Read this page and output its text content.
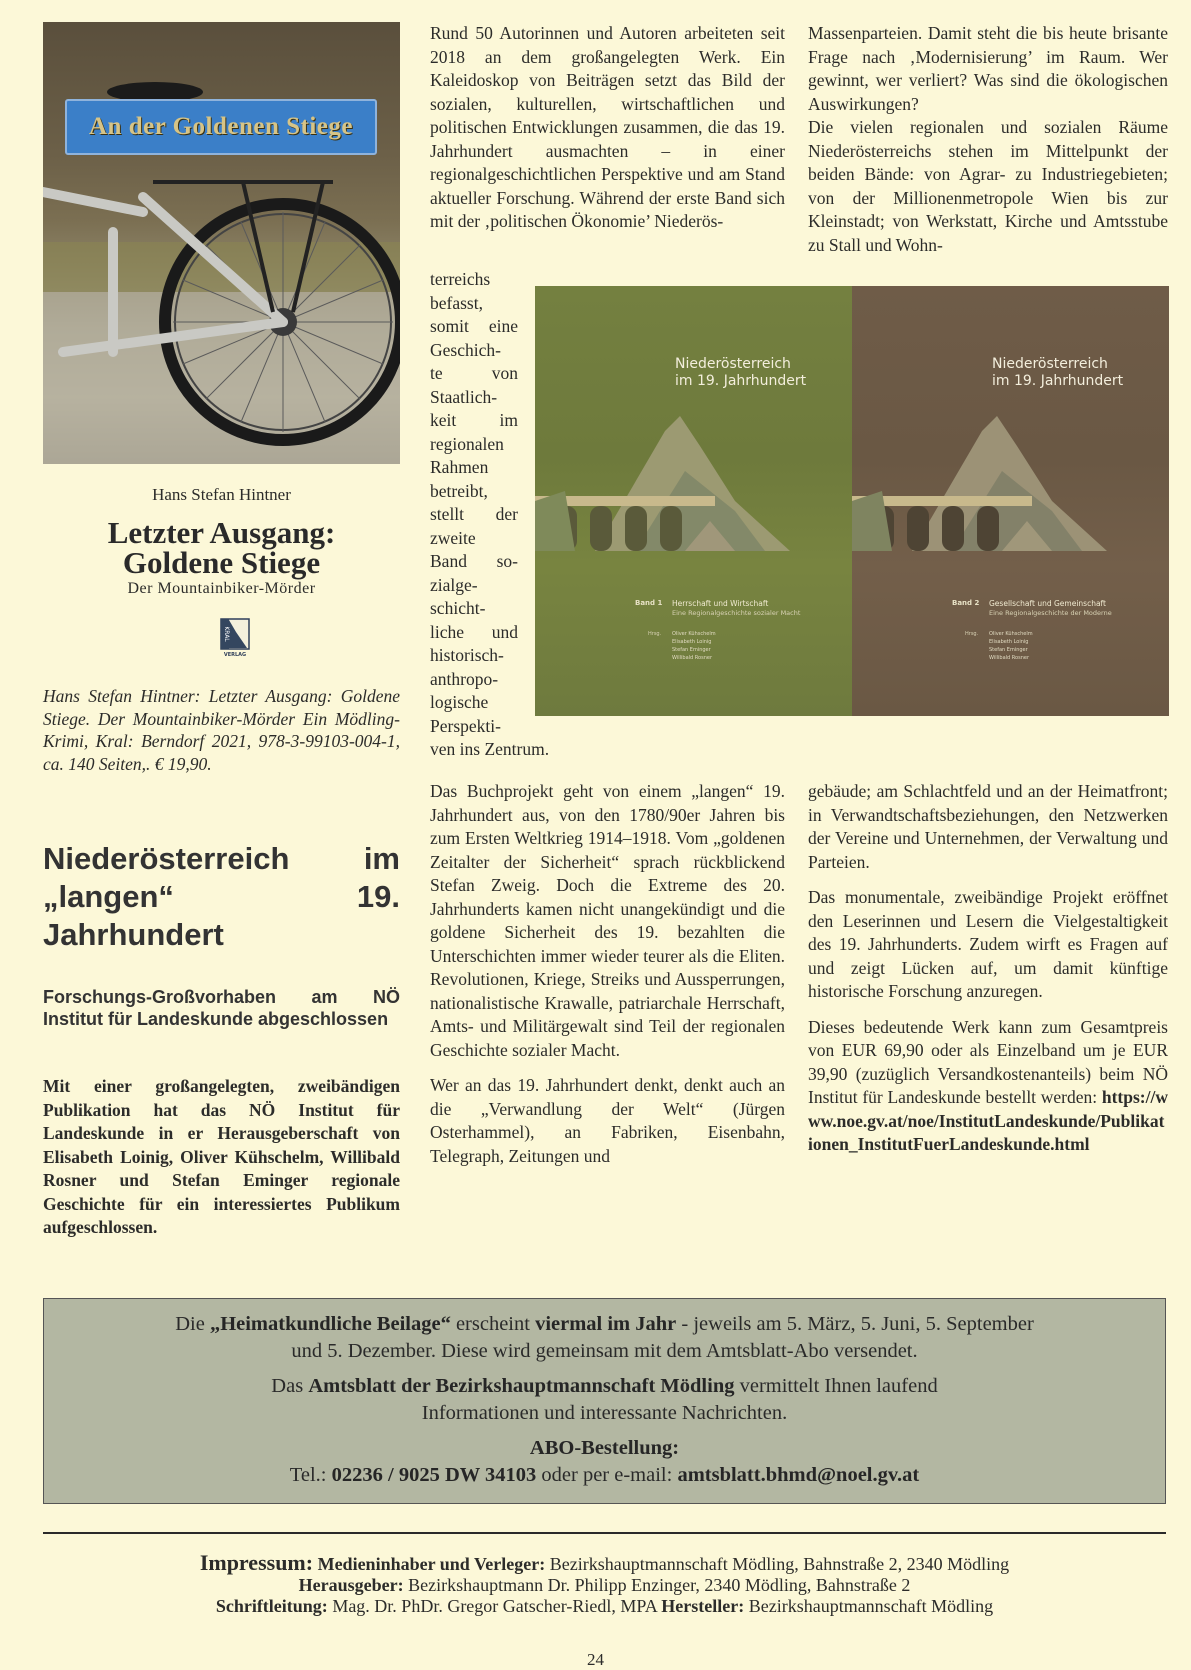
An der Goldenen Stiege
Hans Stefan Hintner
Letzter Ausgang:
Goldene Stiege
Der Mountainbiker-Mörder
KRAL
VERLAG
Hans Stefan Hintner: Letzter Ausgang: Goldene Stiege. Der Mountainbiker-Mörder Ein Mödling-Krimi, Kral: Berndorf 2021, 978-3-99103-004-1, ca. 140 Seiten,. € 19,90.
Niederösterreich im „langen“ 19. Jahrhundert
Forschungs-Großvorhaben am NÖ Institut für Landeskunde abgeschlossen
Mit einer großangelegten, zweibändigen Publikation hat das NÖ Institut für Landeskunde in er Herausgeberschaft von Elisabeth Loinig, Oliver Kühschelm, Willibald Rosner und Stefan Eminger regionale Geschichte für ein interessiertes Publikum aufgeschlossen.
Rund 50 Autorinnen und Autoren arbeiteten seit 2018 an dem großangelegten Werk. Ein Kaleidoskop von Beiträgen setzt das Bild der sozialen, kulturellen, wirtschaftlichen und politischen Entwicklungen zusammen, die das 19. Jahrhundert ausmachten – in einer regionalgeschichtlichen Perspektive und am Stand aktueller Forschung. Während der erste Band sich mit der ‚politischen Ökonomie’ Niederös-

terreichs

befasst,

somit eine

Geschich-

te von

Staatlich-

keit im

regionalen

Rahmen

betreibt,

stellt der

zweite

Band so-

zialge-

schicht-

liche und

historisch-

anthropo-

logische

Perspekti-

ven ins Zentrum.

Das Buchprojekt geht von einem „langen“ 19. Jahrhundert aus, von den 1780/90er Jahren bis zum Ersten Weltkrieg 1914–1918. Vom „goldenen Zeitalter der Sicherheit“ sprach rückblickend Stefan Zweig. Doch die Extreme des 20. Jahrhunderts kamen nicht unangekündigt und die goldene Sicherheit des 19. bezahlten die Unterschichten immer wieder teurer als die Eliten. Revolutionen, Kriege, Streiks und Aussperrungen, nationalistische Krawalle, patriarchale Herrschaft, Amts- und Militärgewalt sind Teil der regionalen Geschichte sozialer Macht.

Wer an das 19. Jahrhundert denkt, denkt auch an die „Verwandlung der Welt“ (Jürgen Osterhammel), an Fabriken, Eisenbahn, Telegraph, Zeitungen und

Massenparteien. Damit steht die bis heute brisante Frage nach ‚Modernisierung’ im Raum. Wer gewinnt, wer verliert? Was sind die ökologischen Auswirkungen?

Die vielen regionalen und sozialen Räume Niederösterreichs stehen im Mittelpunkt der beiden Bände: von Agrar- zu Industriegebieten; von der Millionenmetropole Wien bis zur Kleinstadt; von Werkstatt, Kirche und Amtsstube zu Stall und Wohn-

gebäude; am Schlachtfeld und an der Heimatfront; in Verwandtschaftsbeziehungen, den Netzwerken der Vereine und Unternehmen, der Verwaltung und Parteien.

Das monumentale, zweibändige Projekt eröffnet den Leserinnen und Lesern die Vielgestaltigkeit des 19. Jahrhunderts. Zudem wirft es Fragen auf und zeigt Lücken auf, um damit künftige historische Forschung anzuregen.

Dieses bedeutende Werk kann zum Gesamtpreis von EUR 69,90 oder als Einzelband um je EUR 39,90 (zuzüglich Versandkostenanteils) beim NÖ Institut für Landeskunde bestellt werden: https://www.noe.gv.at/noe/InstitutLandeskunde/Publikationen_InstitutFuerLandeskunde.html

Niederösterreich
im 19. Jahrhundert
Band 1 Herrschaft und Wirtschaft
Eine Regionalgeschichte sozialer Macht
Hrsg. Oliver Kühschelm
Elisabeth Loinig
Stefan Eminger
Willibald Rosner
Niederösterreich
im 19. Jahrhundert
Band 2 Gesellschaft und Gemeinschaft
Eine Regionalgeschichte der Moderne
Hrsg. Oliver Kühschelm
Elisabeth Loinig
Stefan Eminger
Willibald Rosner
Die „Heimatkundliche Beilage“ erscheint viermal im Jahr - jeweils am 5. März, 5. Juni, 5. September
und 5. Dezember. Diese wird gemeinsam mit dem Amtsblatt-Abo versendet.
Das Amtsblatt der Bezirkshauptmannschaft Mödling vermittelt Ihnen laufend
Informationen und interessante Nachrichten.
ABO-Bestellung:
Tel.: 02236 / 9025 DW 34103 oder per e-mail: amtsblatt.bhmd@noel.gv.at
Impressum: Medieninhaber und Verleger: Bezirkshauptmannschaft Mödling, Bahnstraße 2, 2340 Mödling
Herausgeber: Bezirkshauptmann Dr. Philipp Enzinger, 2340 Mödling, Bahnstraße 2
Schriftleitung: Mag. Dr. PhDr. Gregor Gatscher-Riedl, MPA Hersteller: Bezirkshauptmannschaft Mödling
24
